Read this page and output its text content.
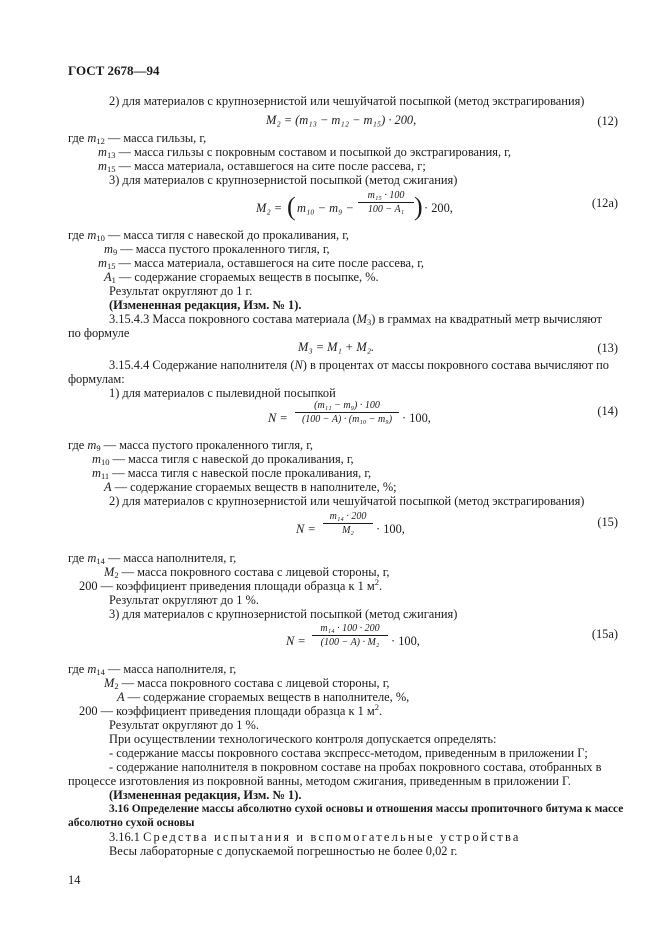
ГОСТ 2678—94
2) для материалов с крупнозернистой или чешуйчатой посыпкой (метод экстрагирования)
M₂ = (m₁₃ − m₁₂ − m₁₅) · 200,	(12)
где $m_{12}$ — масса гильзы, г,
$m_{13}$ — масса гильзы с покровным составом и посыпкой до экстрагирования, г,
$m_{15}$ — масса материала, оставшегося на сите после рассева, г;
3) для материалов с крупнозернистой посыпкой (метод сжигания)
M₂ = ( $m_{10} - m_9 - \frac{\text{m₁₅ · 100}}{\text{100 − A₁}}$ ) · 200,	(12а)
где $m_{10}$ — масса тигля с навеской до прокаливания, г,
$m_9$ — масса пустого прокаленного тигля, г,
$m_{15}$ — масса материала, оставшегося на сите после рассева, г,
$A_1$ — содержание сгораемых веществ в посыпке, %.
Результат округляют до 1 г.
(Измененная редакция, Изм. № 1).
3.15.4.3 Масса покровного состава материала $(M_3)$ в граммах на квадратный метр вычисляют
по формуле
M₃ = M₁ + M₂.	(13)
3.15.4.4 Содержание наполнителя (N) в процентах от массы покровного состава вычисляют по
формулам:
1) для материалов с пылевидной посыпкой
$N = \frac{\text{(m₁₁ − m₉) · 100}}{\text{(100 − A) · (m₁₀ − m₉)}} \cdot 100$,	(14)
где $m_9$ — масса пустого прокаленного тигля, г,
$m_{10}$ — масса тигля с навеской до прокаливания, г,
$m_{11}$ — масса тигля с навеской после прокаливания, г,
A — содержание сгораемых веществ в наполнителе, %;
2) для материалов с крупнозернистой или чешуйчатой посыпкой (метод экстрагирования)
$N = \frac{\text{m₁₄ · 200}}{\text{M₂}} \cdot 100$,	(15)
где $m_{14}$ — масса наполнителя, г,
$M_2$ — масса покровного состава с лицевой стороны, г,
200 — коэффициент приведения площади образца к 1 $м^2$.
Результат округляют до 1 %.
3) для материалов с крупнозернистой посыпкой (метод сжигания)
$N = \frac{\text{m₁₄ · 100 · 200}}{\text{(100 − A) · M₂}} \cdot 100$,	(15а)
где $m_{14}$ — масса наполнителя, г,
$M_2$ — масса покровного состава с лицевой стороны, г,
A — содержание сгораемых веществ в наполнителе, %,
200 — коэффициент приведения площади образца к 1 $м^2$.
Результат округляют до 1 %.
При осуществлении технологического контроля допускается определять:
- содержание массы покровного состава экспресс-методом, приведенным в приложении Г;
- содержание наполнителя в покровном составе на пробах покровного состава, отобранных в
процессе изготовления из покровной ванны, методом сжигания, приведенным в приложении Г.
(Измененная редакция, Изм. № 1).
3.16 Определение массы абсолютно сухой основы и отношения массы пропиточного битума к массе
абсолютно сухой основы
3.16.1 Средства испытания и вспомогательные устройства
Весы лабораторные с допускаемой погрешностью не более 0,02 г.
14
